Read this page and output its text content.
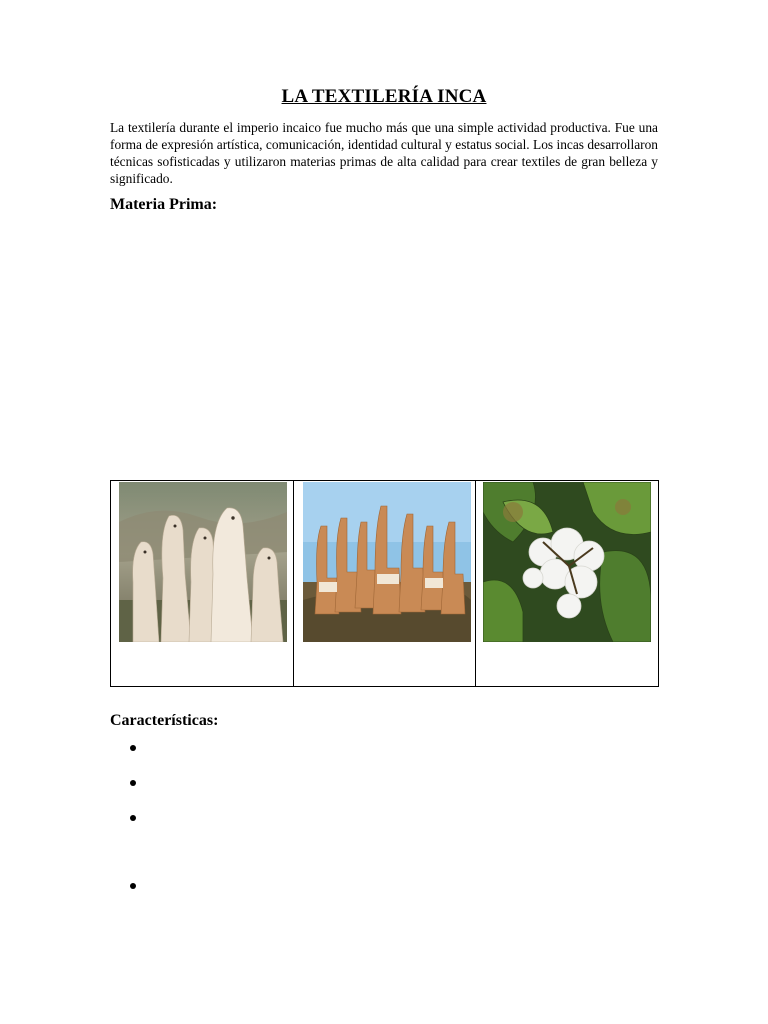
LA TEXTILERÍA INCA
La textilería durante el imperio incaico fue mucho más que una simple actividad productiva. Fue una forma de expresión artística, comunicación, identidad cultural y estatus social. Los incas desarrollaron técnicas sofisticadas y utilizaron materias primas de alta calidad para crear textiles de gran belleza y significado.
Materia Prima:

Características:
